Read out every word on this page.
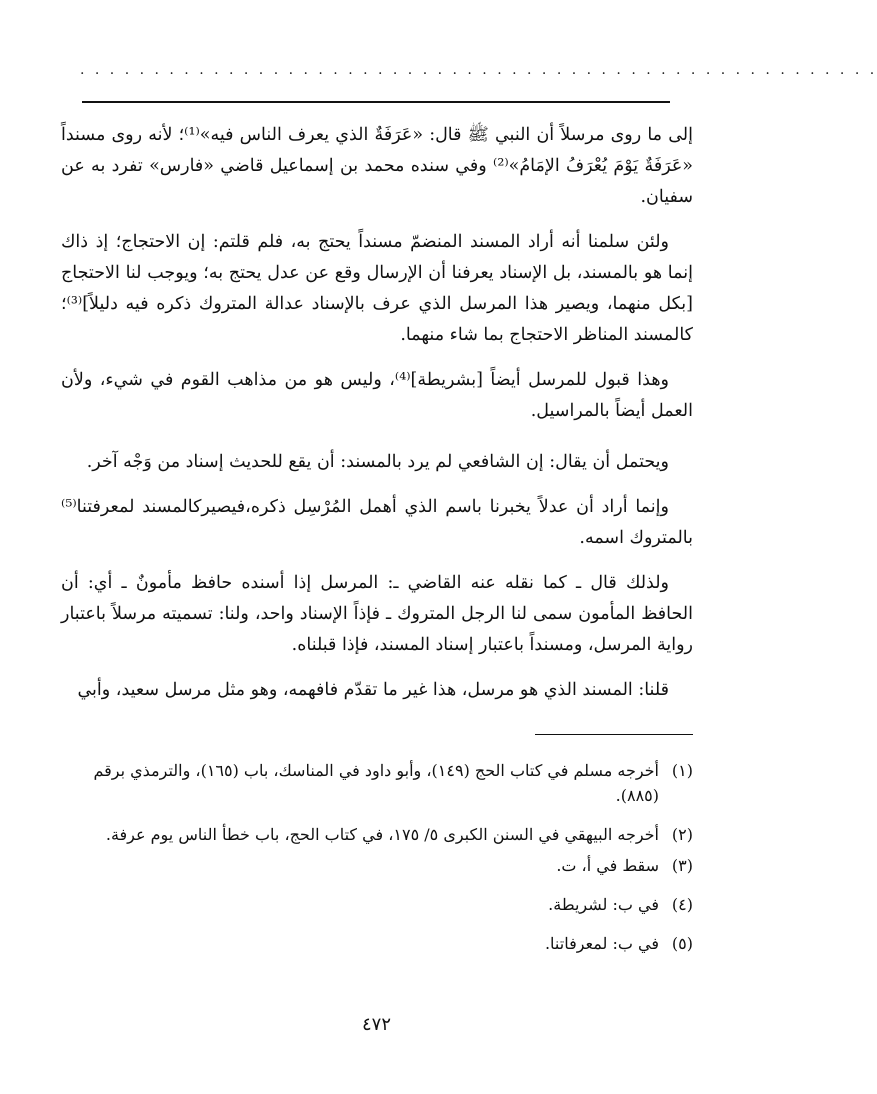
. . . . . . . . . . . . . . . . . . . . . . . . . . . . . . . . . . . . . . . . . . . . . . . . . . . . . .

إلى ما روى مرسلاً أن النبي ﷺ قال: «عَرَفَةٌ الذي يعرف الناس فيه»⁽¹⁾؛ لأنه روى مسنداً «عَرَفَةٌ يَوْمَ يُعْرَفُ الإمَامُ»⁽²⁾ وفي سنده محمد بن إسماعيل قاضي «فارس» تفرد به عن سفيان.

ولئن سلمنا أنه أراد المسند المنضمّ مسنداً يحتج به، فلم قلتم: إن الاحتجاج؛ إذ ذاك إنما هو بالمسند، بل الإسناد يعرفنا أن الإرسال وقع عن عدل يحتج به؛ ويوجب لنا الاحتجاج [بكل منهما، ويصير هذا المرسل الذي عرف بالإسناد عدالة المتروك ذكره فيه دليلاً]⁽³⁾؛ كالمسند المناظر الاحتجاج بما شاء منهما.

وهذا قبول للمرسل أيضاً [بشريطة]⁽⁴⁾، وليس هو من مذاهب القوم في شيء، ولأن العمل أيضاً بالمراسيل.

ويحتمل أن يقال: إن الشافعي لم يرد بالمسند: أن يقع للحديث إسناد من وَجْه آخر.

وإنما أراد أن عدلاً يخبرنا باسم الذي أهمل المُرْسِل ذكره،فيصيركالمسند لمعرفتنا⁽⁵⁾ بالمتروك اسمه.

ولذلك قال ـ كما نقله عنه القاضي ـ: المرسل إذا أسنده حافظ مأمونٌ ـ أي: أن الحافظ المأمون سمى لنا الرجل المتروك ـ فإذاً الإسناد واحد، ولنا: تسميته مرسلاً باعتبار رواية المرسل، ومسنداً باعتبار إسناد المسند، فإذا قبلناه.

قلنا: المسند الذي هو مرسل، هذا غير ما تقدّم فافهمه، وهو مثل مرسل سعيد، وأبي

(١)
أخرجه مسلم في كتاب الحج (١٤٩)، وأبو داود في المناسك، باب (١٦٥)، والترمذي برقم (٨٨٥).
(٢)
أخرجه البيهقي في السنن الكبرى ٥/ ١٧٥، في كتاب الحج، باب خطأ الناس يوم عرفة.
(٣)
سقط في أ، ت.
(٤)
في ب: لشريطة.
(٥)
في ب: لمعرفاتنا.
٤٧٢
